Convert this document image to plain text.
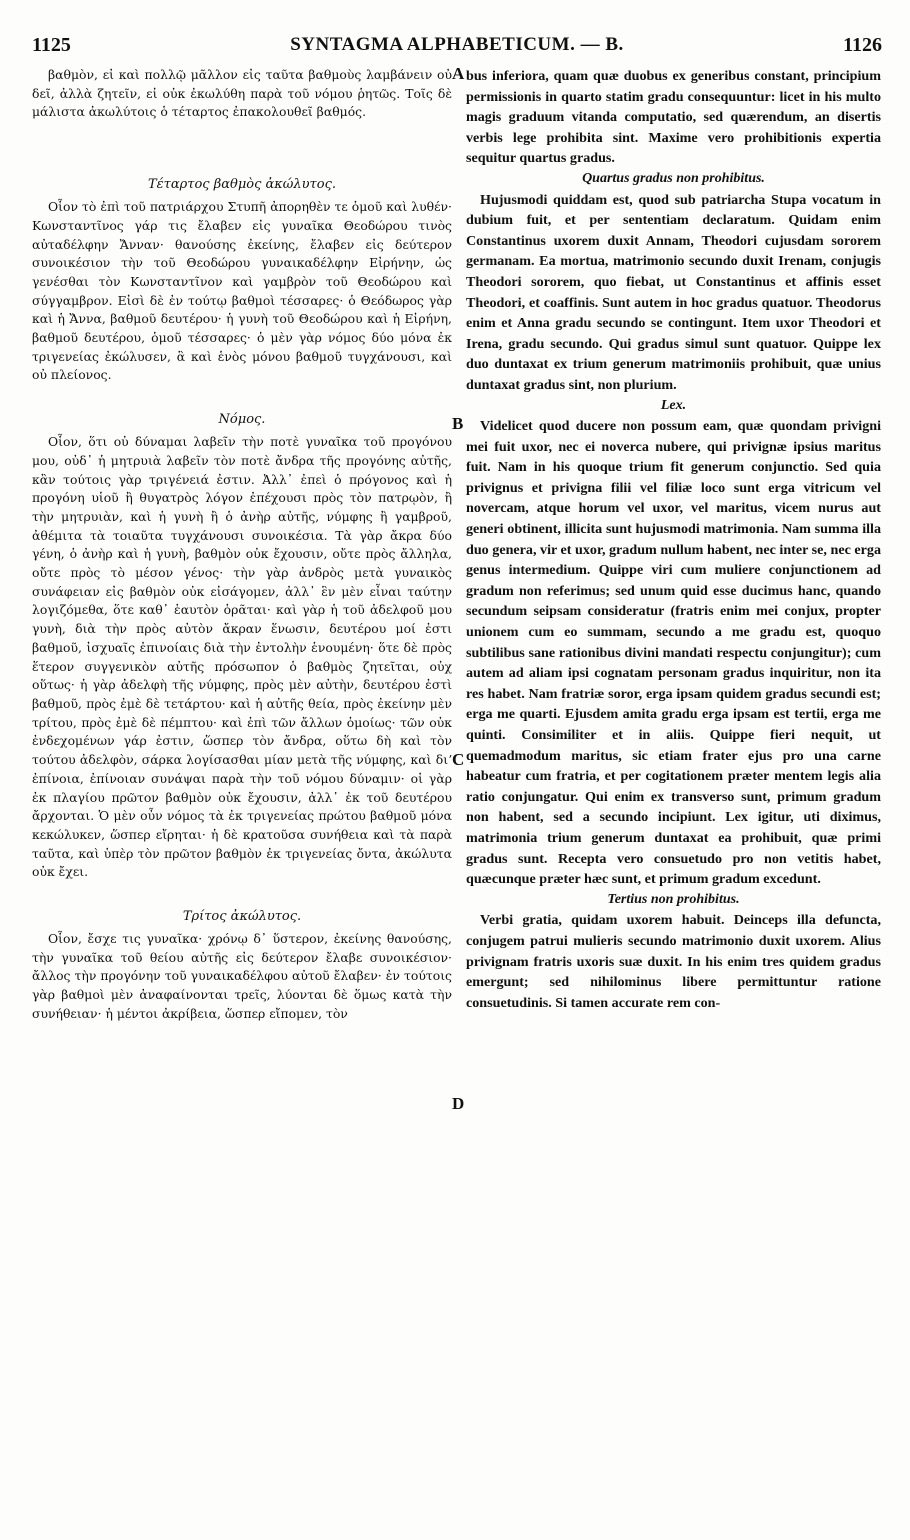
1125	SYNTAGMA ALPHABETICUM. — B.	1126

βαθμὸν, εἰ καὶ πολλῷ μᾶλλον εἰς ταῦτα βαθμοὺς λαμβάνειν οὐ δεῖ, ἀλλὰ ζητεῖν, εἰ οὐκ ἐκωλύθη παρὰ τοῦ νόμου ῥητῶς. Τοῖς δὲ μάλιστα ἀκωλύτοις ὁ τέταρτος ἐπακολουθεῖ βαθμός.

Τέταρτος βαθμὸς ἀκώλυτος.

Οἷον τὸ ἐπὶ τοῦ πατριάρχου Στυπῆ ἀπορηθὲν τε ὁμοῦ καὶ λυθέν· Κωνσταντῖνος γάρ τις ἔλαβεν εἰς γυναῖκα Θεοδώρου τινὸς αὐταδέλφην Ἄνναν· θανούσης ἐκείνης, ἔλαβεν εἰς δεύτερον συνοικέσιον τὴν τοῦ Θεοδώρου γυναικαδέλφην Εἰρήνην, ὡς γενέσθαι τὸν Κωνσταντῖνον καὶ γαμβρὸν τοῦ Θεοδώρου καὶ σύγγαμβρον. Εἰσὶ δὲ ἐν τούτῳ βαθμοὶ τέσσαρες· ὁ Θεόδωρος γὰρ καὶ ἡ Ἄννα, βαθμοῦ δευτέρου· ἡ γυνὴ τοῦ Θεοδώρου καὶ ἡ Εἰρήνη, βαθμοῦ δευτέρου, ὁμοῦ τέσσαρες· ὁ μὲν γὰρ νόμος δύο μόνα ἐκ τριγενείας ἐκώλυσεν, ἃ καὶ ἑνὸς μόνου βαθμοῦ τυγχάνουσι, καὶ οὐ πλείονος.

Νόμος.

Οἷον, ὅτι οὐ δύναμαι λαβεῖν τὴν ποτὲ γυναῖκα τοῦ προγόνου μου, οὐδ᾽ ἡ μητρυιὰ λαβεῖν τὸν ποτὲ ἄνδρα τῆς προγόνης αὐτῆς, κἂν τούτοις γὰρ τριγένειά ἐστιν. Ἀλλ᾽ ἐπεὶ ὁ πρόγονος καὶ ἡ προγόνη υἱοῦ ἢ θυγατρὸς λόγον ἐπέχουσι πρὸς τὸν πατρῳὸν, ἢ τὴν μητρυιὰν, καὶ ἡ γυνὴ ἢ ὁ ἀνὴρ αὐτῆς, νύμφης ἢ γαμβροῦ, ἀθέμιτα τὰ τοιαῦτα τυγχάνουσι συνοικέσια. Τὰ γὰρ ἄκρα δύο γένη, ὁ ἀνὴρ καὶ ἡ γυνὴ, βαθμὸν οὐκ ἔχουσιν, οὔτε πρὸς ἄλληλα, οὔτε πρὸς τὸ μέσον γένος· τὴν γὰρ ἀνδρὸς μετὰ γυναικὸς συνάφειαν εἰς βαθμὸν οὐκ εἰσάγομεν, ἀλλ᾽ ἓν μὲν εἶναι ταύτην λογιζόμεθα, ὅτε καθ᾽ ἑαυτὸν ὁρᾶται· καὶ γὰρ ἡ τοῦ ἀδελφοῦ μου γυνὴ, διὰ τὴν πρὸς αὐτὸν ἄκραν ἕνωσιν, δευτέρου μοί ἐστι βαθμοῦ, ἰσχυαῖς ἐπινοίαις διὰ τὴν ἐντολὴν ἑνουμένη· ὅτε δὲ πρὸς ἕτερον συγγενικὸν αὐτῆς πρόσωπον ὁ βαθμὸς ζητεῖται, οὐχ οὕτως· ἡ γὰρ ἀδελφὴ τῆς νύμφης, πρὸς μὲν αὐτὴν, δευτέρου ἐστὶ βαθμοῦ, πρὸς ἐμὲ δὲ τετάρτου· καὶ ἡ αὐτῆς θεία, πρὸς ἐκείνην μὲν τρίτου, πρὸς ἐμὲ δὲ πέμπτου· καὶ ἐπὶ τῶν ἄλλων ὁμοίως· τῶν οὐκ ἐνδεχομένων γάρ ἐστιν, ὥσπερ τὸν ἄνδρα, οὕτω δὴ καὶ τὸν τούτου ἀδελφὸν, σάρκα λογίσασθαι μίαν μετὰ τῆς νύμφης, καὶ διʼ ἐπίνοια, ἐπίνοιαν συνάψαι παρὰ τὴν τοῦ νόμου δύναμιν· οἱ γὰρ ἐκ πλαγίου πρῶτον βαθμὸν οὐκ ἔχουσιν, ἀλλ᾽ ἐκ τοῦ δευτέρου ἄρχονται. Ὁ μὲν οὖν νόμος τὰ ἐκ τριγενείας πρώτου βαθμοῦ μόνα κεκώλυκεν, ὥσπερ εἴρηται· ἡ δὲ κρατοῦσα συνήθεια καὶ τὰ παρὰ ταῦτα, καὶ ὑπὲρ τὸν πρῶτον βαθμὸν ἐκ τριγενείας ὄντα, ἀκώλυτα οὐκ ἔχει.

Τρίτος ἀκώλυτος.

Οἷον, ἔσχε τις γυναῖκα· χρόνῳ δ᾽ ὕστερον, ἐκείνης θανούσης, τὴν γυναῖκα τοῦ θείου αὐτῆς εἰς δεύτερον ἔλαβε συνοικέσιον· ἄλλος τὴν προγόνην τοῦ γυναικαδέλφου αὐτοῦ ἔλαβεν· ἐν τούτοις γὰρ βαθμοὶ μὲν ἀναφαίνονται τρεῖς, λύονται δὲ ὅμως κατὰ τὴν συνήθειαν· ἡ μέντοι ἀκρίβεια, ὥσπερ εἴπομεν, τὸν

A
B
C
D

bus inferiora, quam quæ duobus ex generibus constant, principium permissionis in quarto statim gradu consequuntur: licet in his multo magis graduum vitanda computatio, sed quærendum, an disertis verbis lege prohibita sint. Maxime vero prohibitionis expertia sequitur quartus gradus.

Quartus gradus non prohibitus.

Hujusmodi quiddam est, quod sub patriarcha Stupa vocatum in dubium fuit, et per sententiam declaratum. Quidam enim Constantinus uxorem duxit Annam, Theodori cujusdam sororem germanam. Ea mortua, matrimonio secundo duxit Irenam, conjugis Theodori sororem, quo fiebat, ut Constantinus et affinis esset Theodori, et coaffinis. Sunt autem in hoc gradus quatuor. Theodorus enim et Anna gradu secundo se contingunt. Item uxor Theodori et Irena, gradu secundo. Qui gradus simul sunt quatuor. Quippe lex duo duntaxat ex trium generum matrimoniis prohibuit, quæ unius duntaxat gradus sint, non plurium.

Lex.

Videlicet quod ducere non possum eam, quæ quondam privigni mei fuit uxor, nec ei noverca nubere, qui privignæ ipsius maritus fuit. Nam in his quoque trium fit generum conjunctio. Sed quia privignus et privigna filii vel filiæ loco sunt erga vitricum vel novercam, atque horum vel uxor, vel maritus, vicem nurus aut generi obtinent, illicita sunt hujusmodi matrimonia. Nam summa illa duo genera, vir et uxor, gradum nullum habent, nec inter se, nec erga genus intermedium. Quippe viri cum muliere conjunctionem ad gradum non referimus; sed unum quid esse ducimus hanc, quando secundum seipsam consideratur (fratris enim mei conjux, propter unionem cum eo summam, secundo a me gradu est, quoquo subtilibus sane rationibus divini mandati respectu conjungitur); cum autem ad aliam ipsi cognatam personam gradus inquiritur, non ita res habet. Nam fratriæ soror, erga ipsam quidem gradus secundi est; erga me quarti. Ejusdem amita gradu erga ipsam est tertii, erga me quinti. Consimiliter et in aliis. Quippe fieri nequit, ut quemadmodum maritus, sic etiam frater ejus pro una carne habeatur cum fratria, et per cogitationem præter mentem legis alia ratio conjungatur. Qui enim ex transverso sunt, primum gradum non habent, sed a secundo incipiunt. Lex igitur, uti diximus, matrimonia trium generum duntaxat ea prohibuit, quæ primi gradus sunt. Recepta vero consuetudo pro non vetitis habet, quæcunque præter hæc sunt, et primum gradum excedunt.

Tertius non prohibitus.

Verbi gratia, quidam uxorem habuit. Deinceps illa defuncta, conjugem patrui mulieris secundo matrimonio duxit uxorem. Alius privignam fratris uxoris suæ duxit. In his enim tres quidem gradus emergunt; sed nihilominus libere permittuntur ratione consuetudinis. Si tamen accurate rem con-
